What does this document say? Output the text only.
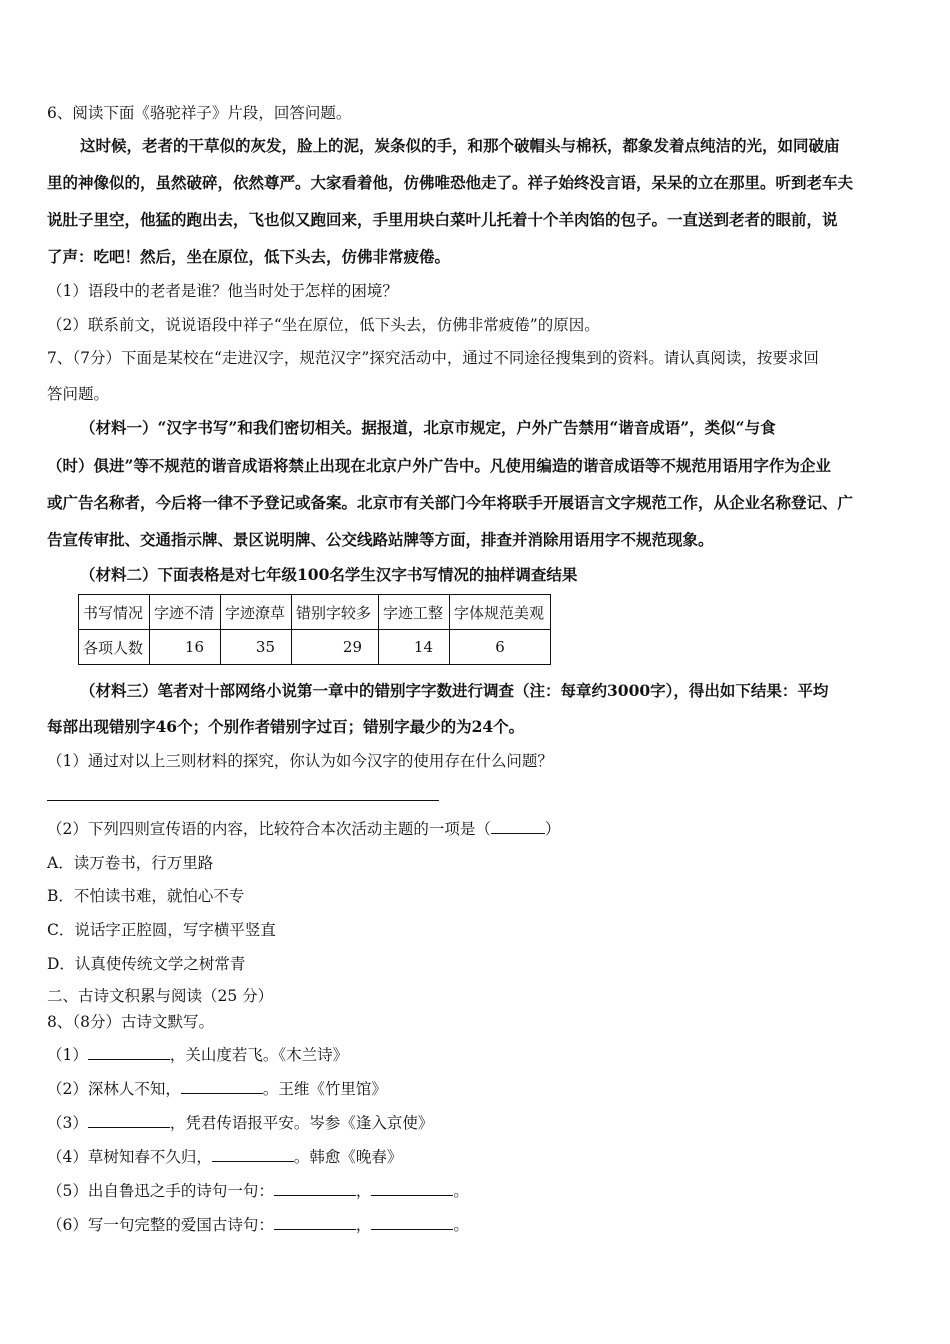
6、阅读下面《骆驼祥子》片段，回答问题。
这时候，老者的干草似的灰发，脸上的泥，炭条似的手，和那个破帽头与棉袄，都象发着点纯洁的光，如同破庙
里的神像似的，虽然破碎，依然尊严。大家看着他，仿佛唯恐他走了。祥子始终没言语，呆呆的立在那里。听到老车夫
说肚子里空，他猛的跑出去，飞也似又跑回来，手里用块白菜叶儿托着十个羊肉馅的包子。一直送到老者的眼前，说
了声：吃吧！然后，坐在原位，低下头去，仿佛非常疲倦。
（1）语段中的老者是谁？他当时处于怎样的困境？
（2）联系前文，说说语段中祥子“坐在原位，低下头去，仿佛非常疲倦”的原因。
7、（7分）下面是某校在“走进汉字，规范汉字”探究活动中，通过不同途径搜集到的资料。请认真阅读，按要求回
答问题。
（材料一）“汉字书写”和我们密切相关。据报道，北京市规定，户外广告禁用“谐音成语”，类似“与食
（时）俱进”等不规范的谐音成语将禁止出现在北京户外广告中。凡使用编造的谐音成语等不规范用语用字作为企业
或广告名称者，今后将一律不予登记或备案。北京市有关部门今年将联手开展语言文字规范工作，从企业名称登记、广
告宣传审批、交通指示牌、景区说明牌、公交线路站牌等方面，排查并消除用语用字不规范现象。
（材料二）下面表格是对七年级100名学生汉字书写情况的抽样调查结果
书写情况	字迹不清	字迹潦草	错别字较多	字迹工整	字体规范美观
各项人数	16	35	29	14	6
（材料三）笔者对十部网络小说第一章中的错别字字数进行调查（注：每章约3000字），得出如下结果：平均
每部出现错别字46个；个别作者错别字过百；错别字最少的为24个。
（1）通过对以上三则材料的探究，你认为如今汉字的使用存在什么问题？
（2）下列四则宣传语的内容，比较符合本次活动主题的一项是（	）
A．读万卷书，行万里路
B．不怕读书难，就怕心不专
C．说话字正腔圆，写字横平竖直
D．认真使传统文学之树常青
二、古诗文积累与阅读（25 分）
8、（8分）古诗文默写。
（1）	，关山度若飞。《木兰诗》
（2）深林人不知，	。王维《竹里馆》
（3）	，凭君传语报平安。岑参《逢入京使》
（4）草树知春不久归，	。韩愈《晚春》
（5）出自鲁迅之手的诗句一句：	，	。
（6）写一句完整的爱国古诗句：	，	。
